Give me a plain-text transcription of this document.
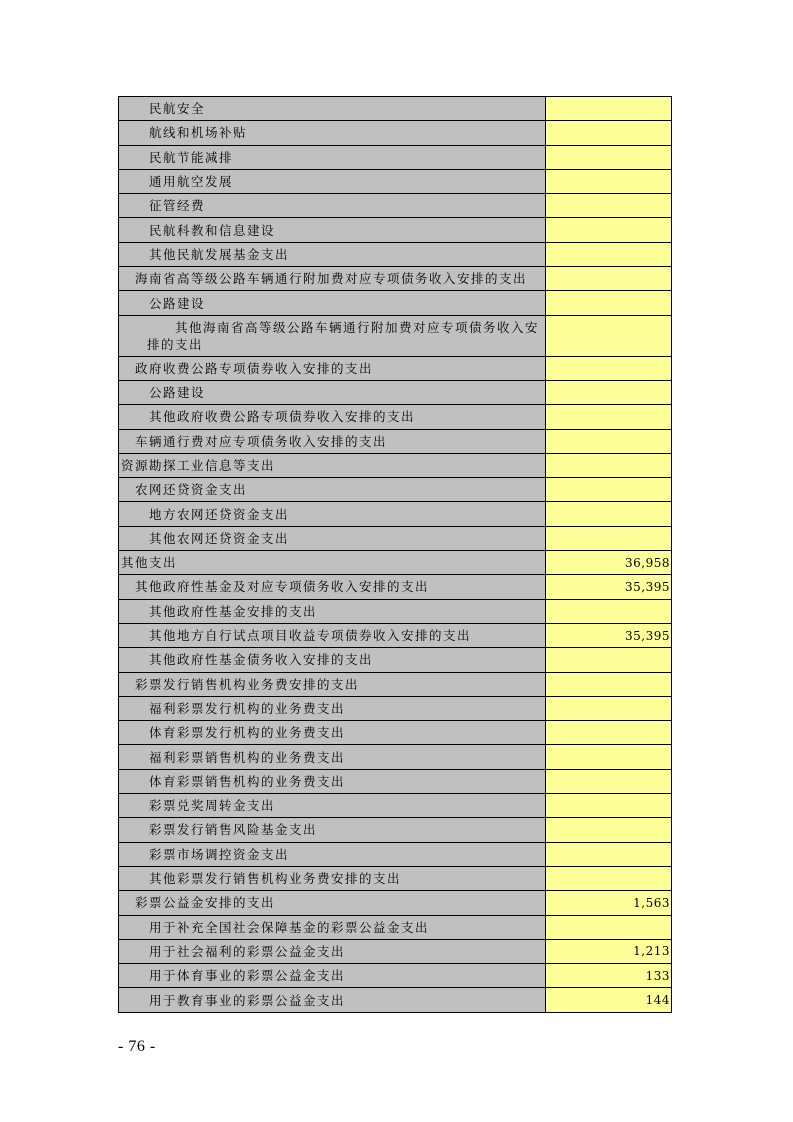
民航安全	
航线和机场补贴	
民航节能减排	
通用航空发展	
征管经费	
民航科教和信息建设	
其他民航发展基金支出	
海南省高等级公路车辆通行附加费对应专项债务收入安排的支出	
公路建设	

其他海南省高等级公路车辆通行附加费对应专项债务收入安排的支出	

政府收费公路专项债券收入安排的支出	
公路建设	
其他政府收费公路专项债券收入安排的支出	
车辆通行费对应专项债务收入安排的支出	
资源勘探工业信息等支出	
农网还贷资金支出	
地方农网还贷资金支出	
其他农网还贷资金支出	
其他支出	36,958
其他政府性基金及对应专项债务收入安排的支出	35,395
其他政府性基金安排的支出	
其他地方自行试点项目收益专项债券收入安排的支出	35,395
其他政府性基金债务收入安排的支出	
彩票发行销售机构业务费安排的支出	
福利彩票发行机构的业务费支出	
体育彩票发行机构的业务费支出	
福利彩票销售机构的业务费支出	
体育彩票销售机构的业务费支出	
彩票兑奖周转金支出	
彩票发行销售风险基金支出	
彩票市场调控资金支出	
其他彩票发行销售机构业务费安排的支出	
彩票公益金安排的支出	1,563
用于补充全国社会保障基金的彩票公益金支出	
用于社会福利的彩票公益金支出	1,213
用于体育事业的彩票公益金支出	133
用于教育事业的彩票公益金支出	144
- 76 -
